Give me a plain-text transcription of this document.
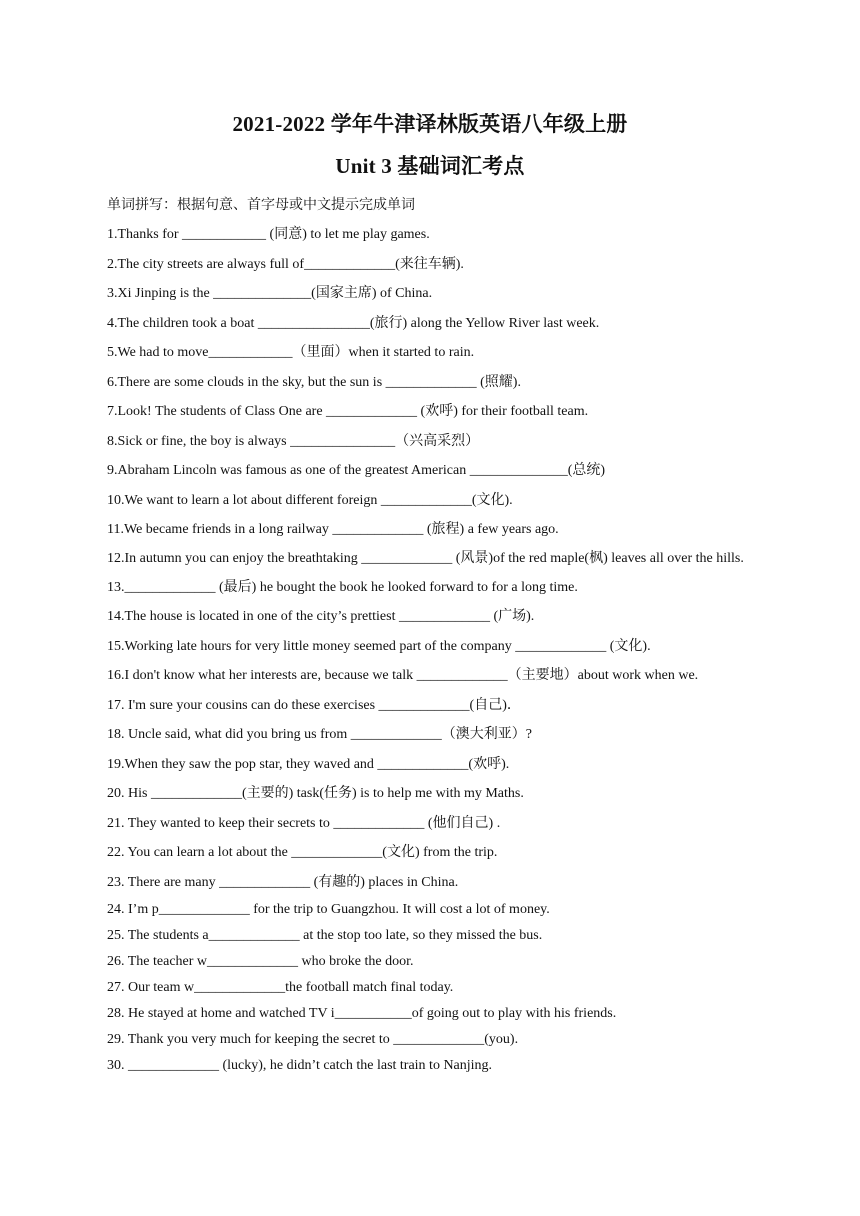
2021-2022 学年牛津译林版英语八年级上册
Unit 3 基础词汇考点
单词拼写：根据句意、首字母或中文提示完成单词
1.Thanks for ____________ (同意) to let me play games.
2.The city streets are always full of_____________(来往车辆).
3.Xi Jinping is the ______________(国家主席) of China.
4.The children took a boat ________________(旅行) along the Yellow River last week.
5.We had to move____________（里面）when it started to rain.
6.There are some clouds in the sky, but the sun is _____________ (照耀).
7.Look! The students of Class One are _____________ (欢呼) for their football team.
8.Sick or fine, the boy is always _______________（兴高采烈）
9.Abraham Lincoln was famous as one of the greatest American ______________(总统)
10.We want to learn a lot about different foreign _____________(文化).
11.We became friends in a long railway _____________ (旅程) a few years ago.
12.In autumn you can enjoy the breathtaking _____________ (风景)of the red maple(枫) leaves all over the hills.
13._____________ (最后) he bought the book he looked forward to for a long time.
14.The house is located in one of the city’s prettiest _____________ (广场).
15.Working late hours for very little money seemed part of the company _____________ (文化).
16.I don't know what her interests are, because we talk _____________（主要地）about work when we.
17. I'm sure your cousins can do these exercises _____________(自己)．
18. Uncle said, what did you bring us from _____________（澳大利亚）?
19.When they saw the pop star, they waved and _____________(欢呼).
20. His _____________(主要的) task(任务) is to help me with my Maths.
21. They wanted to keep their secrets to _____________ (他们自己) .
22. You can learn a lot about the _____________(文化) from the trip.
23. There are many _____________ (有趣的) places in China.
24. I’m p_____________ for the trip to Guangzhou. It will cost a lot of money.
25. The students a_____________ at the stop too late, so they missed the bus.
26. The teacher w_____________ who broke the door.
27. Our team w_____________the football match final today.
28. He stayed at home and watched TV i___________of going out to play with his friends.
29. Thank you very much for keeping the secret to _____________(you).
30. _____________ (lucky), he didn’t catch the last train to Nanjing.
